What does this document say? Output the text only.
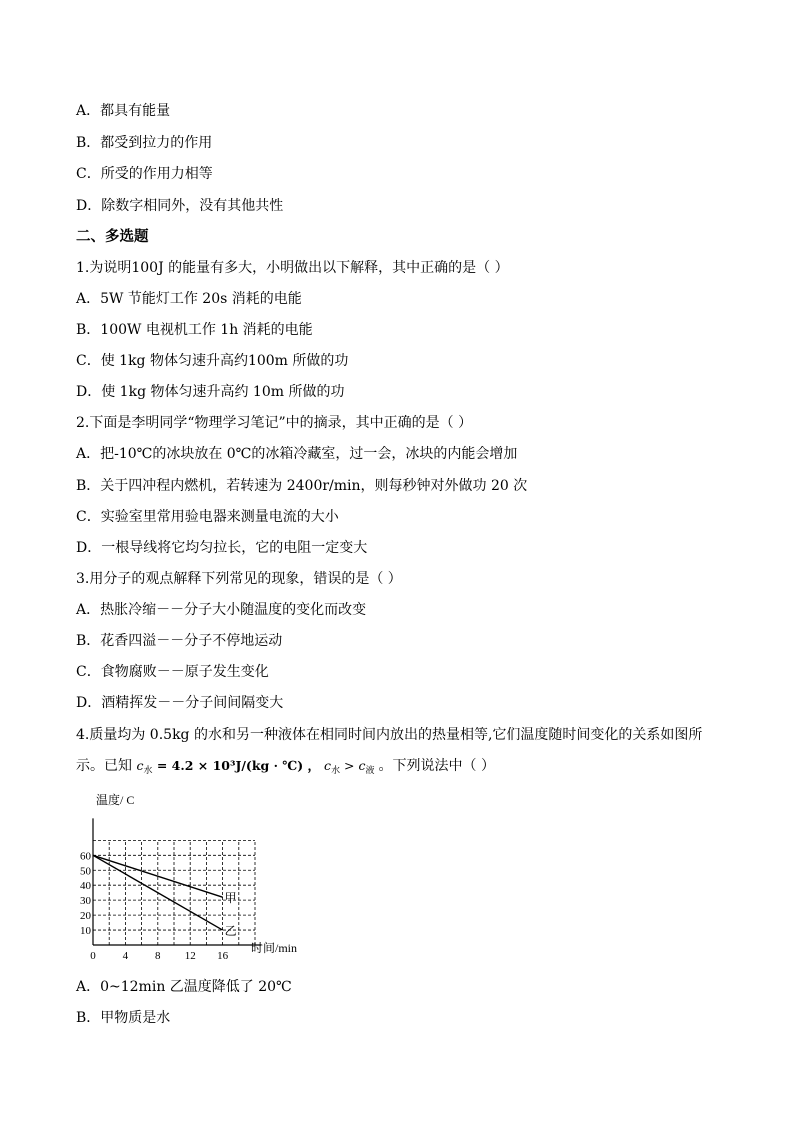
A．都具有能量
B．都受到拉力的作用
C．所受的作用力相等
D．除数字相同外，没有其他共性
二、多选题
1.为说明100J 的能量有多大，小明做出以下解释，其中正确的是（ ）
A．5W 节能灯工作 20s 消耗的电能
B．100W 电视机工作 1h 消耗的电能
C．使 1kg 物体匀速升高约100m 所做的功
D．使 1kg 物体匀速升高约 10m 所做的功
2.下面是李明同学“物理学习笔记”中的摘录，其中正确的是（ ）
A．把-10℃的冰块放在 0℃的冰箱冷藏室，过一会，冰块的内能会增加
B．关于四冲程内燃机，若转速为 2400r/min，则每秒钟对外做功 20 次
C．实验室里常用验电器来测量电流的大小
D．一根导线将它均匀拉长，它的电阻一定变大
3.用分子的观点解释下列常见的现象，错误的是（ ）
A．热胀冷缩－－分子大小随温度的变化而改变
B．花香四溢－－分子不停地运动
C．食物腐败－－原子发生变化
D．酒精挥发－－分子间间隔变大
4.质量均为 0.5kg 的水和另一种液体在相同时间内放出的热量相等,它们温度随时间变化的关系如图所
示。已知 $c_水 = 4.2 \times 10^3J/(kg$ · ℃) ， $c_水 > c_液$ 。下列说法中（ ）
0 4 8 12 16
10
20
30
40
50
60
温度/ C
时间/min
甲
乙
A．0~12min 乙温度降低了 20℃
B．甲物质是水
